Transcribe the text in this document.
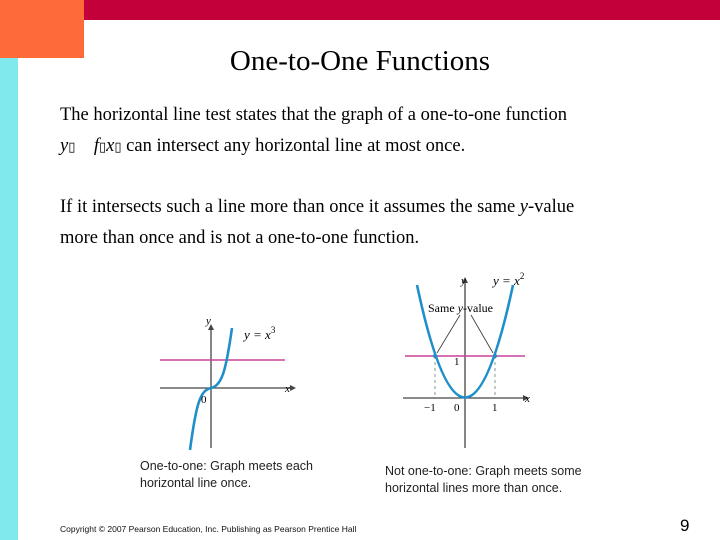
One-to-One Functions
The horizontal line test states that the graph of a one-to-one function
y▯ f▯x▯ can intersect any horizontal line at most once.
If it intersects such a line more than once it assumes the same y-value
more than once and is not a one-to-one function.
y
x
0
$y = x^3$
One-to-one: Graph meets each
horizontal line once.
y
x
$y = x^2$
Same y-value
1
−1 0	1
Not one-to-one: Graph meets some
horizontal lines more than once.
Copyright © 2007 Pearson Education, Inc. Publishing as Pearson Prentice Hall	9
